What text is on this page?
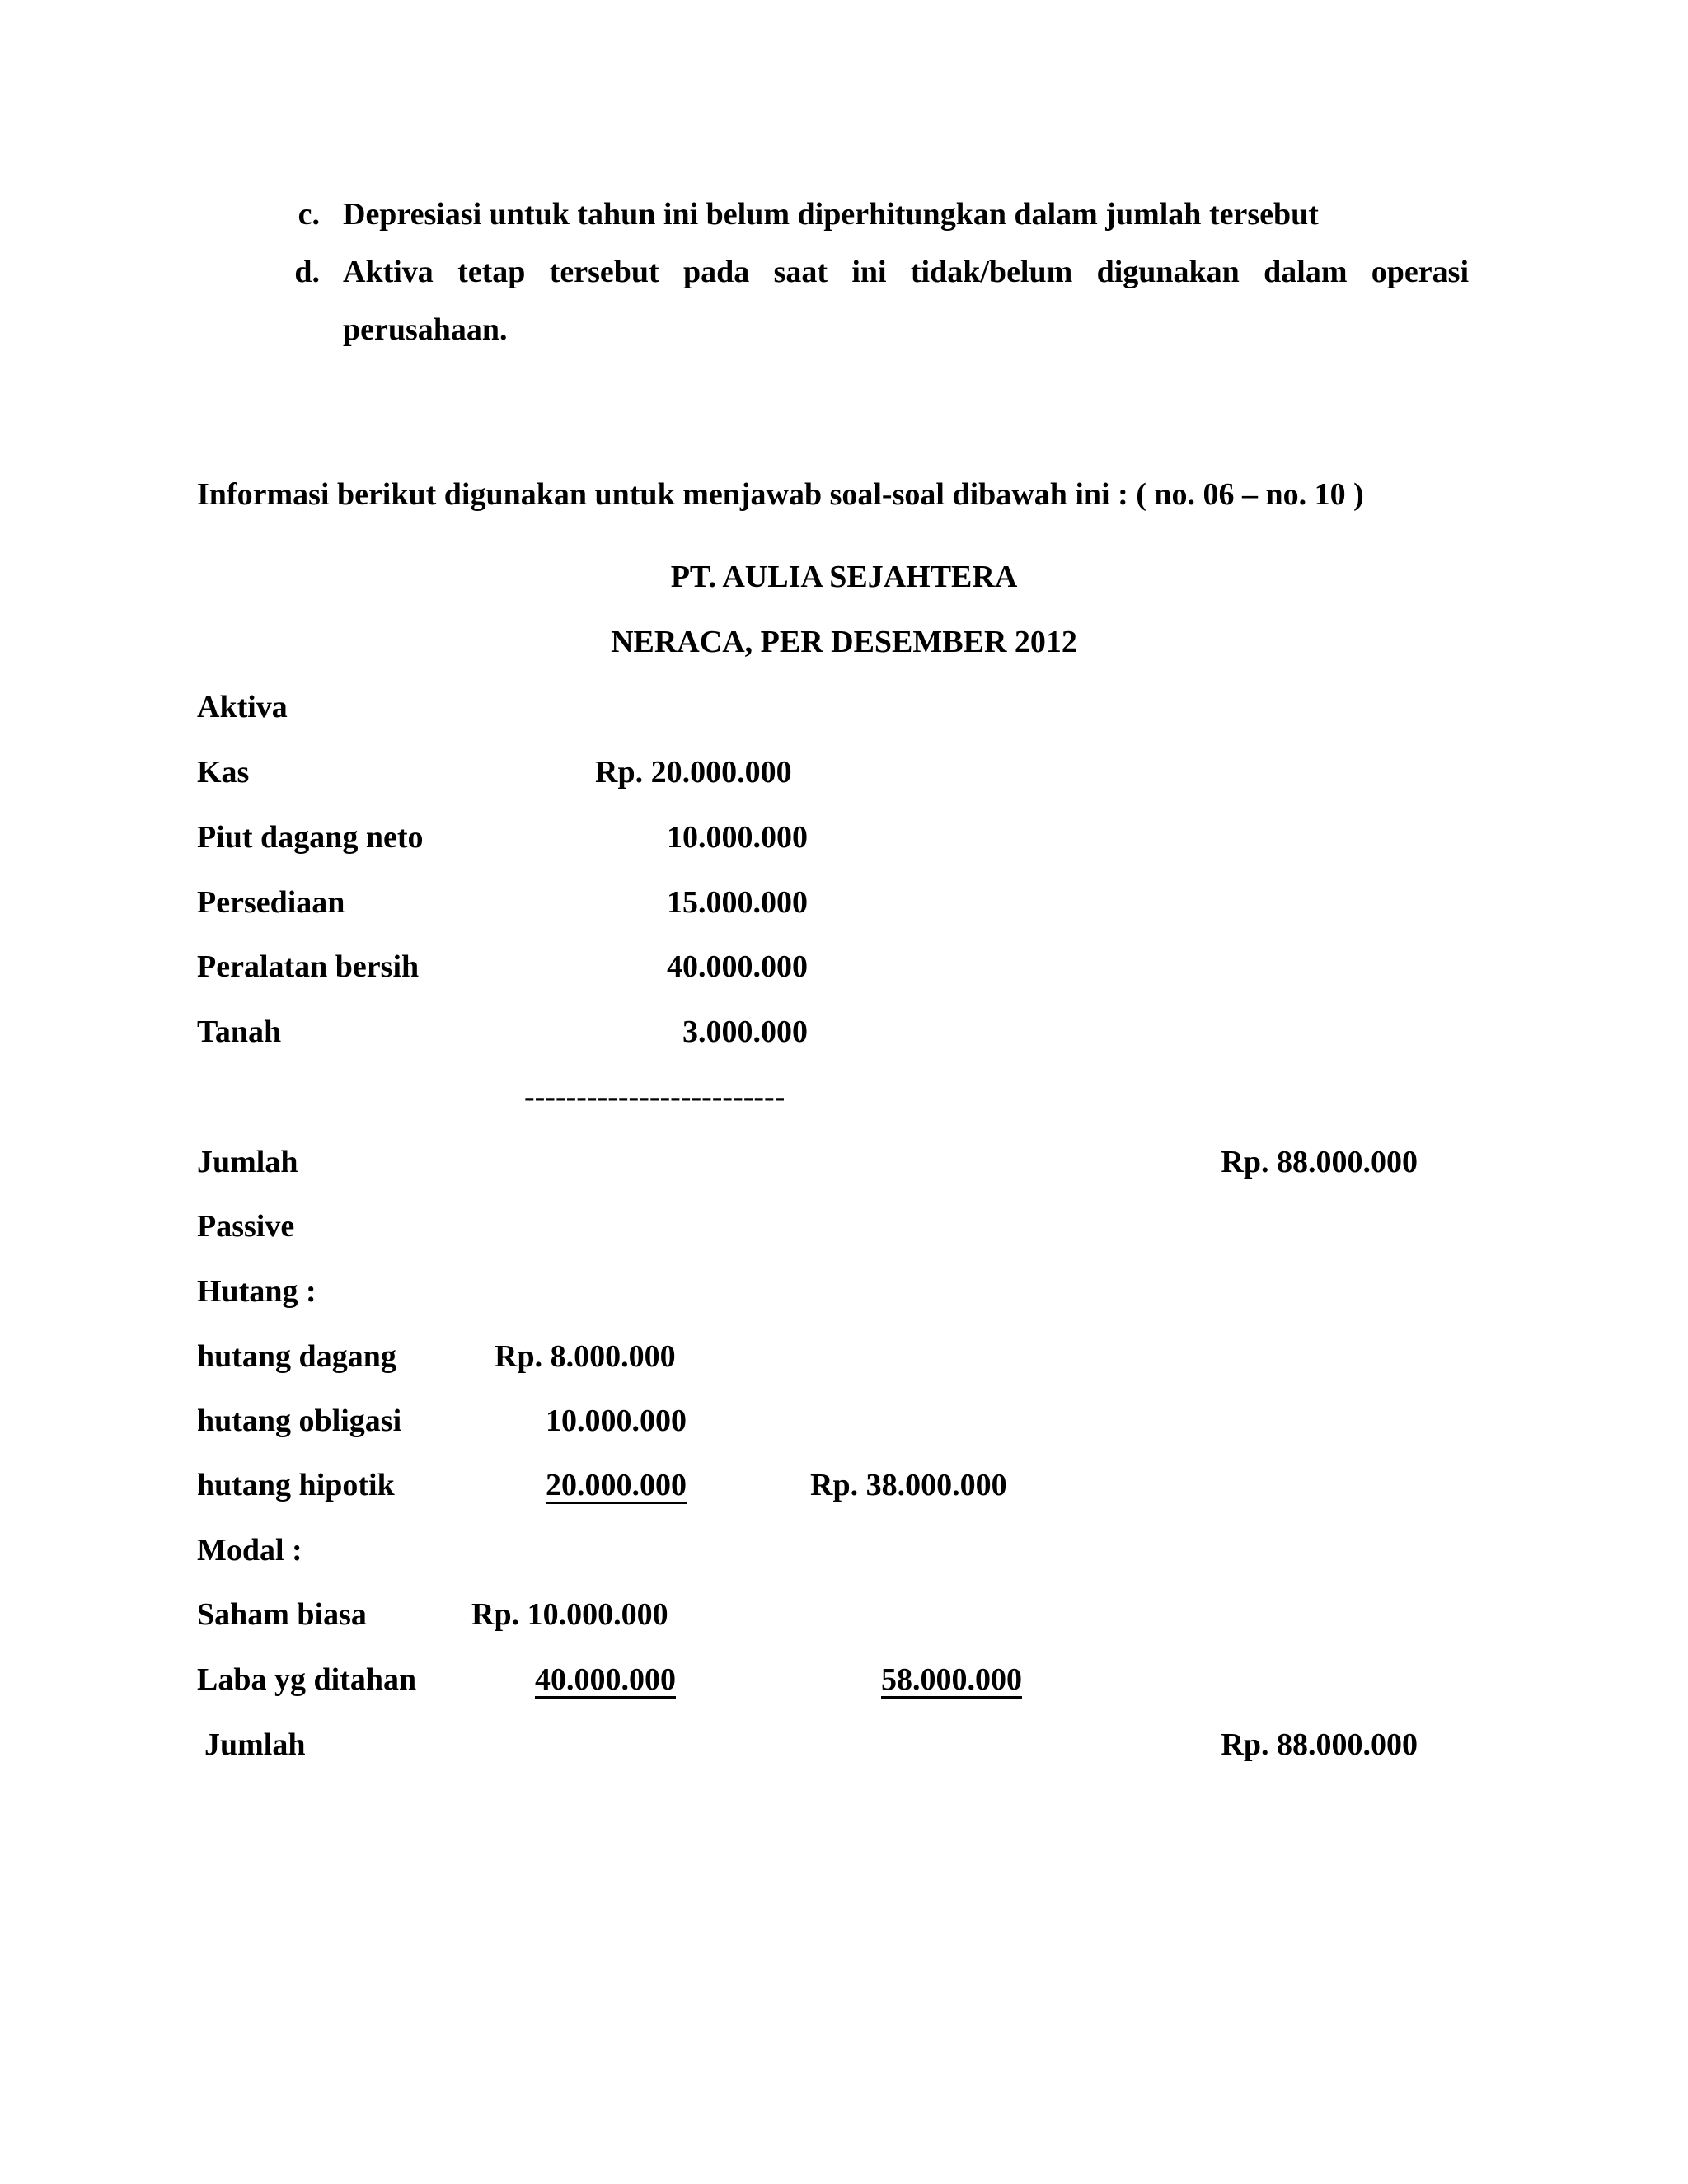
c. Depresiasi untuk tahun ini belum diperhitungkan dalam jumlah tersebut
d. Aktiva tetap tersebut pada saat ini tidak/belum digunakan dalam operasi
perusahaan.
Informasi berikut digunakan untuk menjawab soal-soal dibawah ini : ( no. 06 – no. 10 )
PT. AULIA SEJAHTERA
NERACA, PER DESEMBER 2012
Aktiva
Kas	Rp. 20.000.000
Piut dagang neto	10.000.000
Persediaan	15.000.000
Peralatan bersih	40.000.000
Tanah	3.000.000
-------------------------
Jumlah	Rp. 88.000.000
Passive
Hutang :
hutang dagang	Rp. 8.000.000
hutang obligasi	10.000.000
hutang hipotik	20.000.000	Rp. 38.000.000
Modal :
Saham biasa	Rp. 10.000.000
Laba yg ditahan	40.000.000	58.000.000
Jumlah	Rp. 88.000.000
